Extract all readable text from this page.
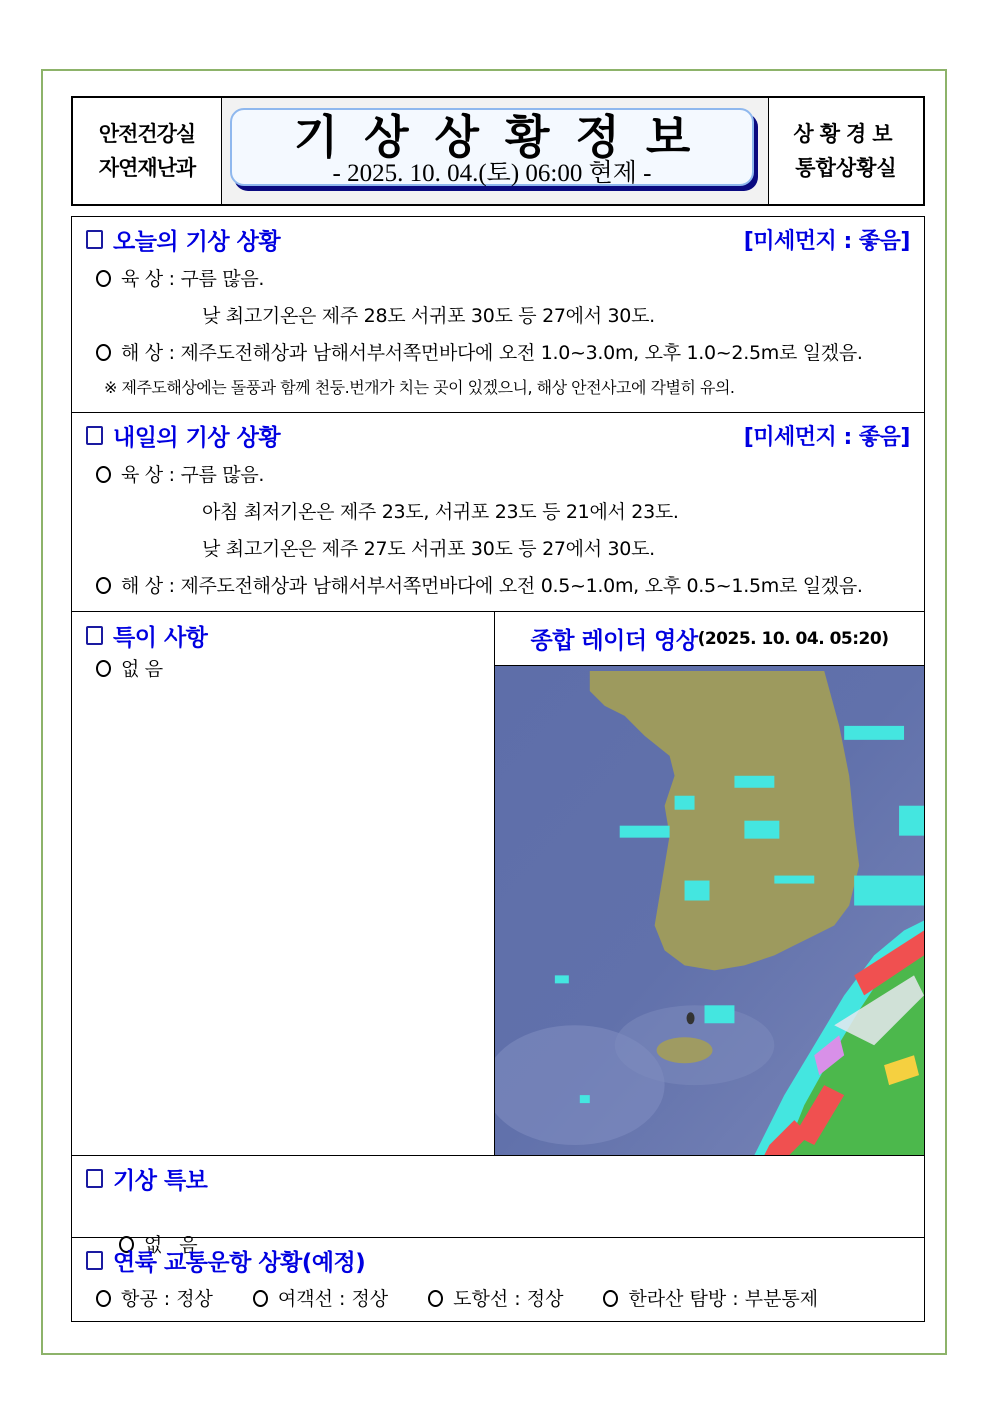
안전건강실
자연재난과
기상상황정보
- 2025. 10. 04.(토) 06:00 현제 -
상황경보
통합상황실
오늘의 기상 상황	[미세먼지 : 좋음]
육 상 : 구름 많음.
낮 최고기온은 제주 28도 서귀포 30도 등 27에서 30도.
해 상 : 제주도전해상과 남해서부서쪽먼바다에 오전 1.0~3.0m, 오후 1.0~2.5m로 일겠음.
※ 제주도해상에는 돌풍과 함께 천둥.번개가 치는 곳이 있겠으니, 해상 안전사고에 각별히 유의.
내일의 기상 상황	[미세먼지 : 좋음]
육 상 : 구름 많음.
아침 최저기온은 제주 23도, 서귀포 23도 등 21에서 23도.
낮 최고기온은 제주 27도 서귀포 30도 등 27에서 30도.
해 상 : 제주도전해상과 남해서부서쪽먼바다에 오전 0.5~1.0m, 오후 0.5~1.5m로 일겠음.
특이 사항
없 음
종합 레이더 영상 (2025. 10. 04. 05:20)
기상 특보

없   음

연륙 교통운항 상황(예정)
항공 : 정상	여객선 : 정상	도항선 : 정상	한라산 탐방 : 부분통제
